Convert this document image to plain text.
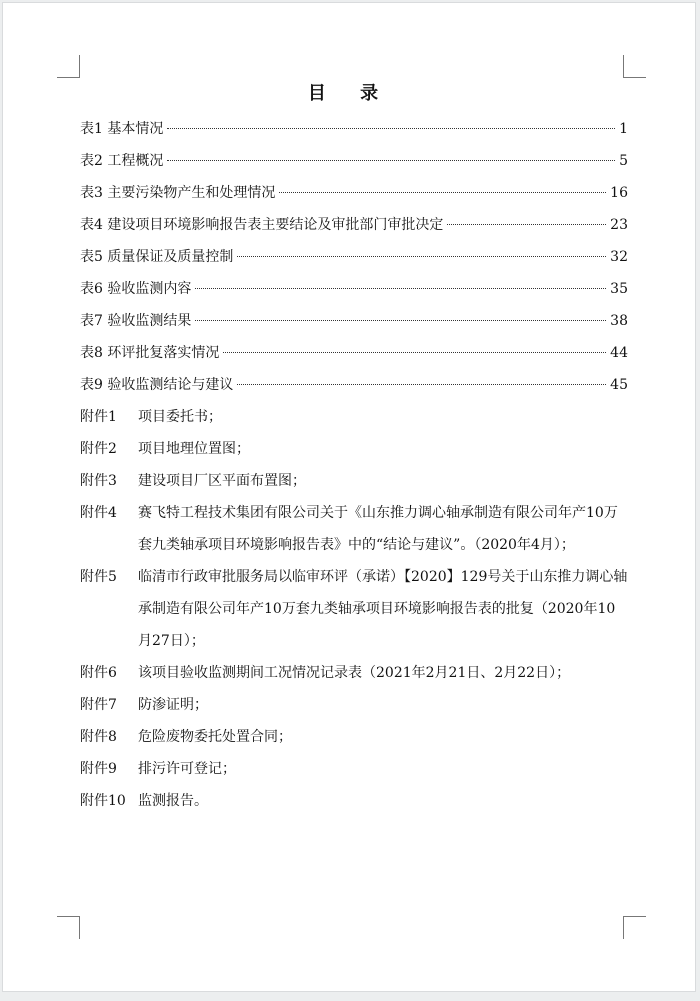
目 录
表1 基本情况	1
表2 工程概况	5
表3 主要污染物产生和处理情况	16
表4 建设项目环境影响报告表主要结论及审批部门审批决定	23
表5 质量保证及质量控制	32
表6 验收监测内容	35
表7 验收监测结果	38
表8 环评批复落实情况	44
表9 验收监测结论与建议	45
附件1	项目委托书；
附件2	项目地理位置图；
附件3	建设项目厂区平面布置图；
附件4	赛飞特工程技术集团有限公司关于《山东推力调心轴承制造有限公司年产10万套九类轴承项目环境影响报告表》中的“结论与建议”。（2020年4月）；
附件5	临清市行政审批服务局以临审环评（承诺）【2020】129号关于山东推力调心轴承制造有限公司年产10万套九类轴承项目环境影响报告表的批复（2020年10月27日）；
附件6	该项目验收监测期间工况情况记录表（2021年2月21日、2月22日）；
附件7	防渗证明；
附件8	危险废物委托处置合同；
附件9	排污许可登记；
附件10 监测报告。
